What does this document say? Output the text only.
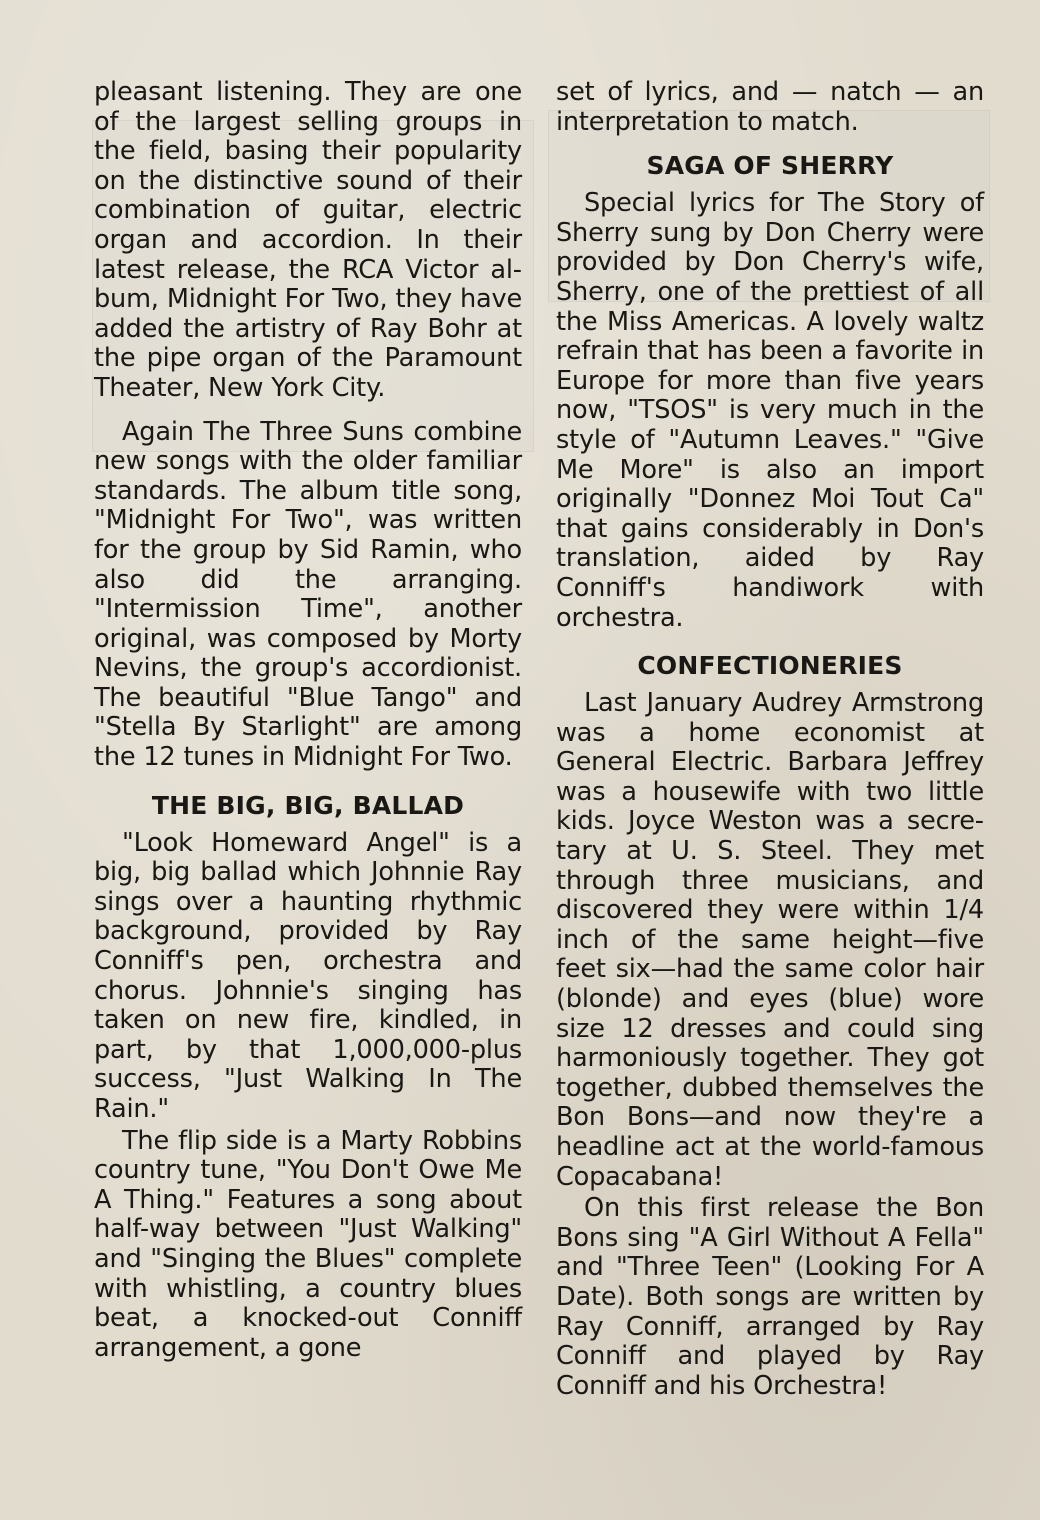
pleasant listening. They are one of the largest selling groups in the field, basing their popularity on the distinctive sound of their combination of guitar, electric organ and accordion. In their latest release, the RCA Victor album, Midnight For Two, they have added the artistry of Ray Bohr at the pipe organ of the Paramount Theater, New York City.

Again The Three Suns combine new songs with the older familiar standards. The album title song, "Midnight For Two", was written for the group by Sid Ramin, who also did the arranging. "Intermission Time", another original, was composed by Morty Nevins, the group's accordionist. The beautiful "Blue Tango" and "Stella By Starlight" are among the 12 tunes in Midnight For Two.

THE BIG, BIG, BALLAD

"Look Homeward Angel" is a big, big ballad which Johnnie Ray sings over a haunting rhythmic background, provided by Ray Conniff's pen, orchestra and chorus. Johnnie's singing has taken on new fire, kindled, in part, by that 1,000,000-plus success, "Just Walking In The Rain."

The flip side is a Marty Robbins country tune, "You Don't Owe Me A Thing." Features a song about half-way between "Just Walking" and "Singing the Blues" complete with whistling, a country blues beat, a knocked-out Conniff arrangement, a gone

set of lyrics, and — natch — an interpretation to match.

SAGA OF SHERRY

Special lyrics for The Story of Sherry sung by Don Cherry were provided by Don Cherry's wife, Sherry, one of the prettiest of all the Miss Americas. A lovely waltz refrain that has been a favorite in Europe for more than five years now, "TSOS" is very much in the style of "Autumn Leaves." "Give Me More" is also an import originally "Donnez Moi Tout Ca" that gains considerably in Don's translation, aided by Ray Conniff's handiwork with orchestra.

CONFECTIONERIES

Last January Audrey Armstrong was a home economist at General Electric. Barbara Jeffrey was a housewife with two little kids. Joyce Weston was a secretary at U. S. Steel. They met through three musicians, and discovered they were within 1/4 inch of the same height—five feet six—had the same color hair (blonde) and eyes (blue) wore size 12 dresses and could sing harmoniously together. They got together, dubbed themselves the Bon Bons—and now they're a headline act at the world-famous Copacabana!

On this first release the Bon Bons sing "A Girl Without A Fella" and "Three Teen" (Looking For A Date). Both songs are written by Ray Conniff, arranged by Ray Conniff and played by Ray Conniff and his Orchestra!
